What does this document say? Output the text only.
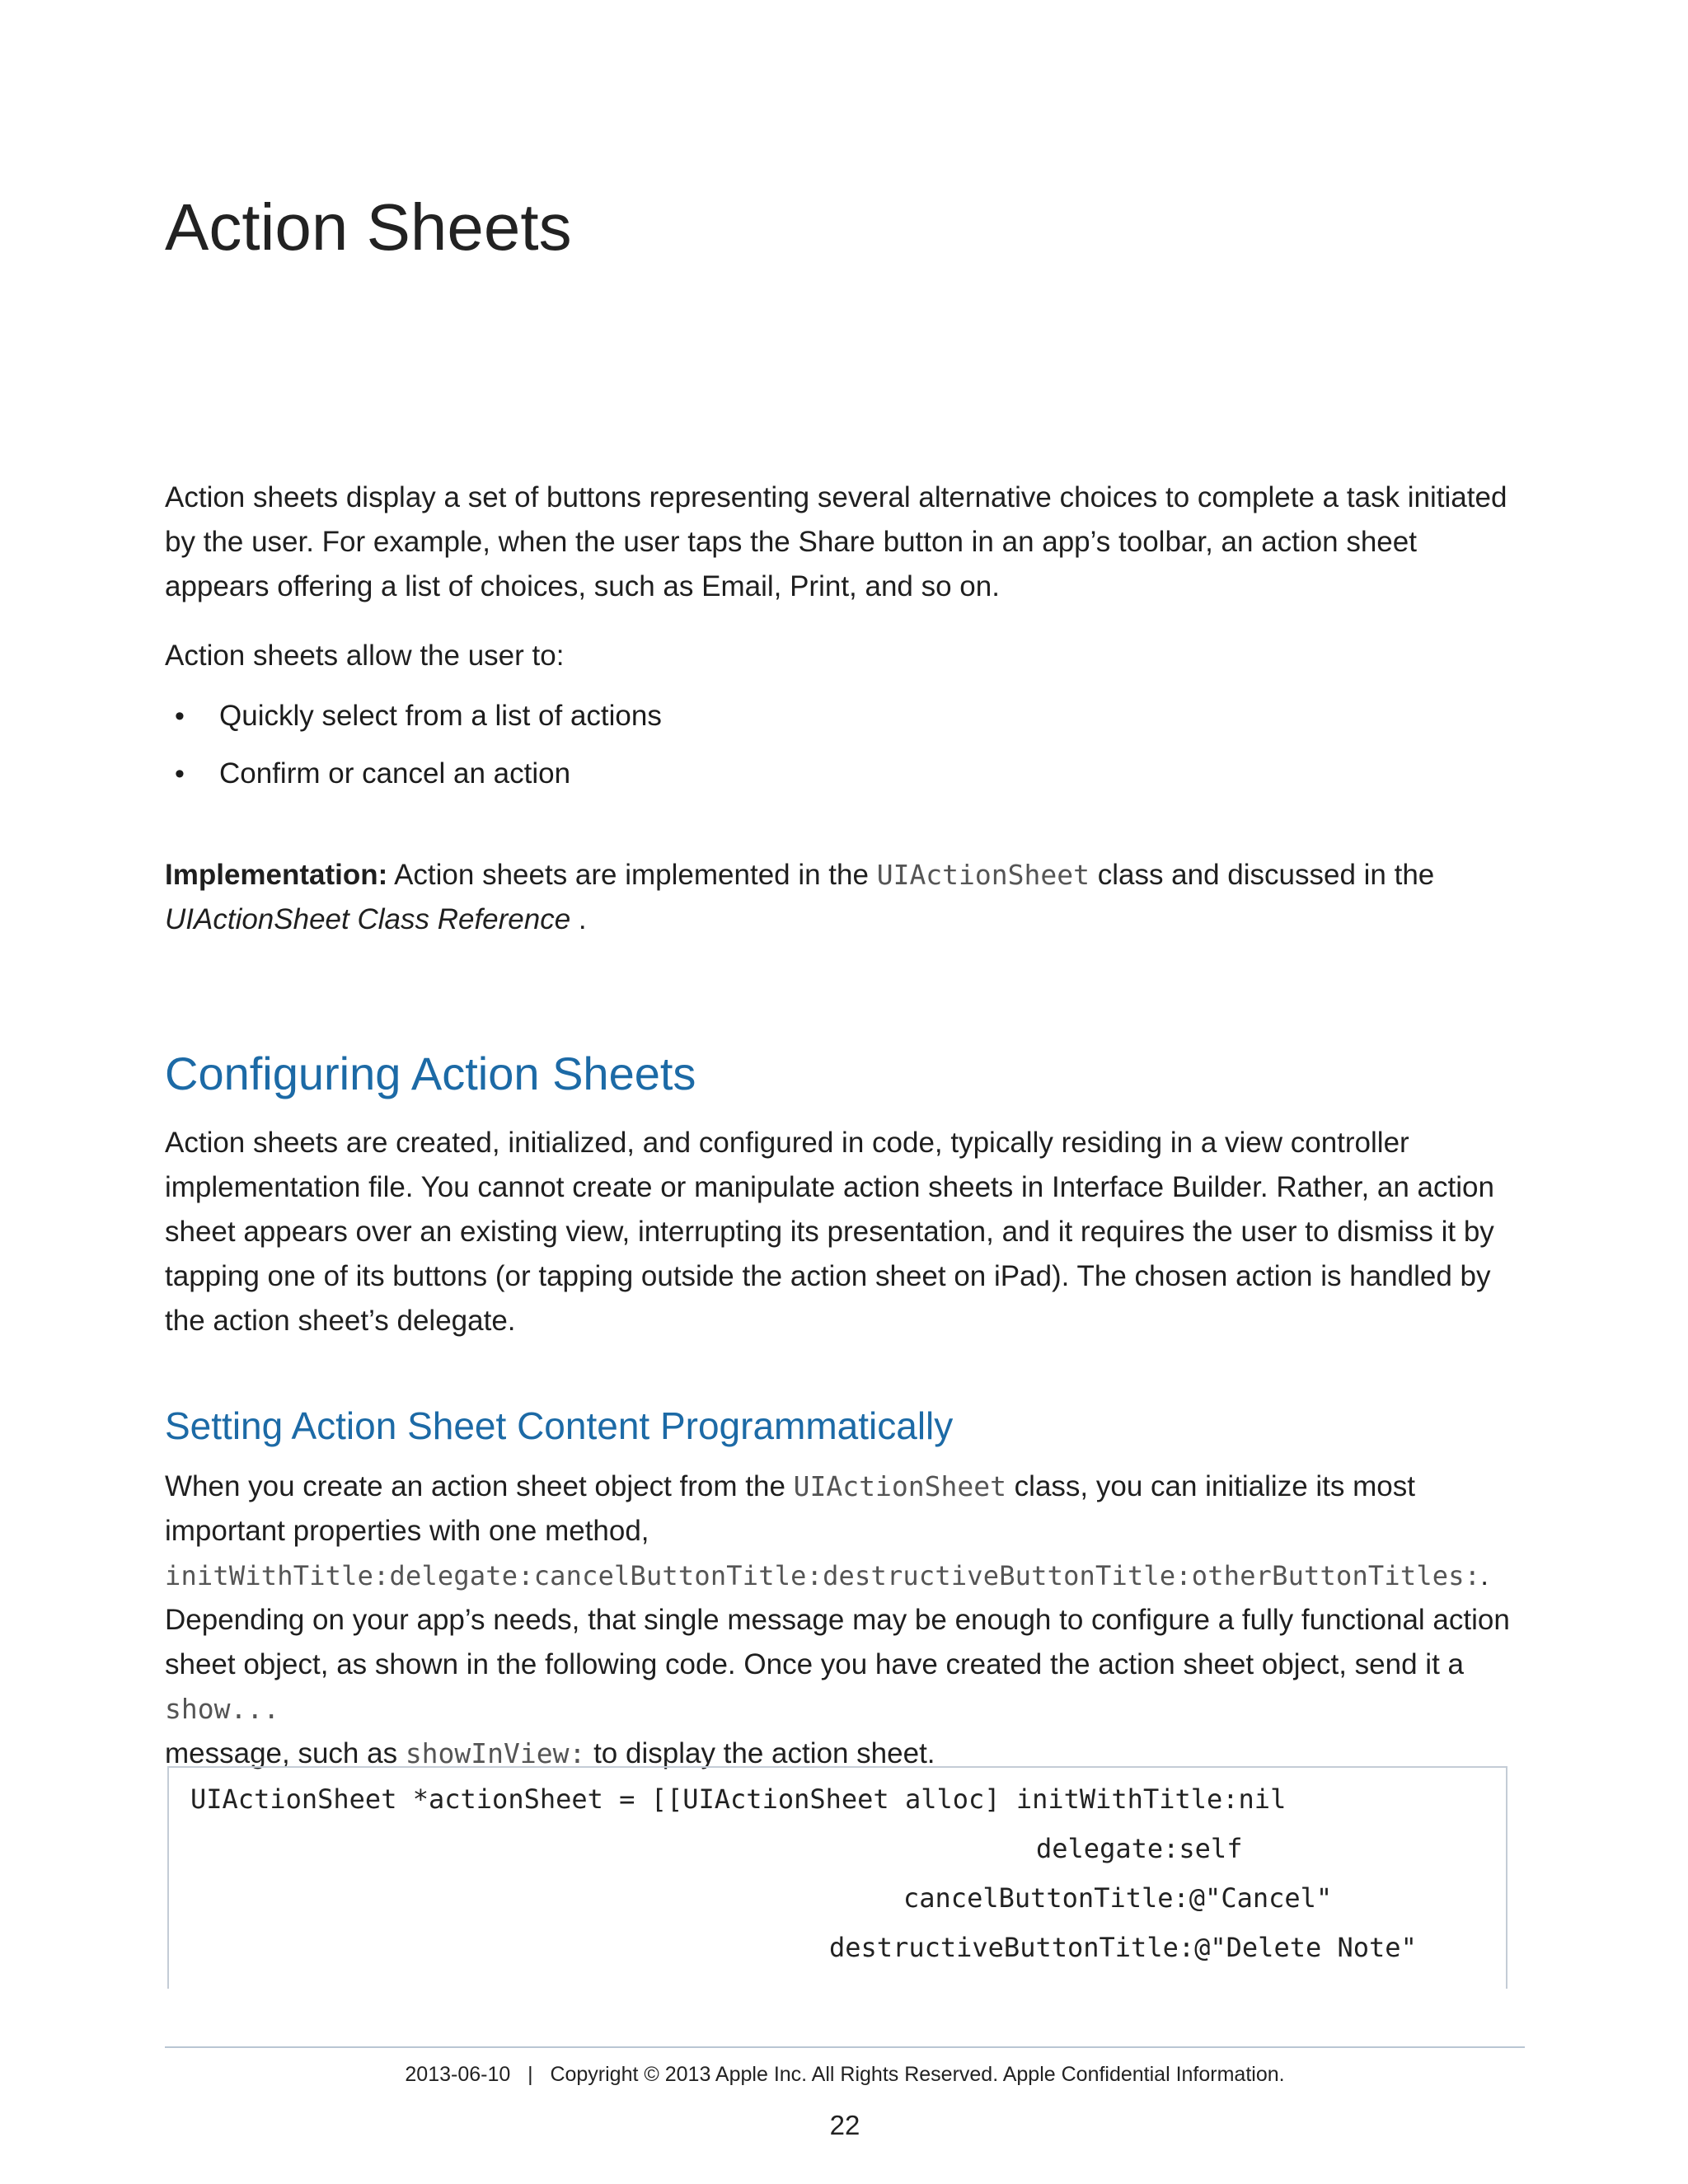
Action Sheets

Action sheets display a set of buttons representing several alternative choices to complete a task initiated by the user. For example, when the user taps the Share button in an app’s toolbar, an action sheet appears offering a list of choices, such as Email, Print, and so on.

Action sheets allow the user to:

• Quickly select from a list of actions
• Confirm or cancel an action

Implementation: Action sheets are implemented in the UIActionSheet class and discussed in the
UIActionSheet Class Reference .

Configuring Action Sheets

Action sheets are created, initialized, and configured in code, typically residing in a view controller implementation file. You cannot create or manipulate action sheets in Interface Builder. Rather, an action sheet appears over an existing view, interrupting its presentation, and it requires the user to dismiss it by tapping one of its buttons (or tapping outside the action sheet on iPad). The chosen action is handled by the action sheet’s delegate.

Setting Action Sheet Content Programmatically
When you create an action sheet object from the UIActionSheet class, you can initialize its most important properties with one method,
initWithTitle:delegate:cancelButtonTitle:destructiveButtonTitle:otherButtonTitles:.
Depending on your app’s needs, that single message may be enough to configure a fully functional action sheet object, as shown in the following code. Once you have created the action sheet object, send it a show...
message, such as showInView: to display the action sheet.
UIActionSheet *actionSheet = [[UIActionSheet alloc] initWithTitle:nil
delegate:self
cancelButtonTitle:@"Cancel"
destructiveButtonTitle:@"Delete Note"
2013-06-10   |   Copyright © 2013 Apple Inc. All Rights Reserved. Apple Confidential Information.
22
